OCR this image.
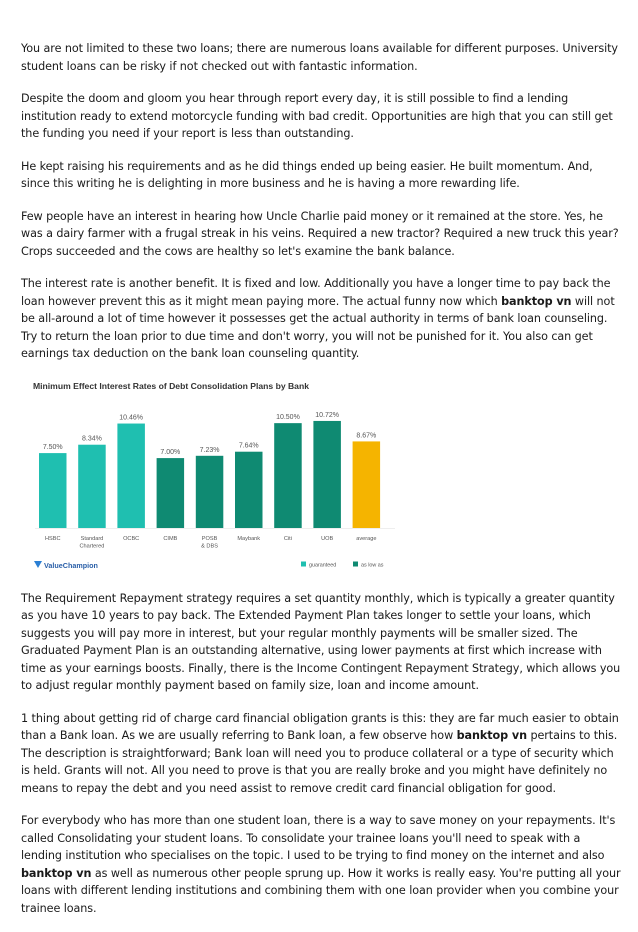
You are not limited to these two loans; there are numerous loans available for different purposes. University student loans can be risky if not checked out with fantastic information.

Despite the doom and gloom you hear through report every day, it is still possible to find a lending institution ready to extend motorcycle funding with bad credit. Opportunities are high that you can still get the funding you need if your report is less than outstanding.

He kept raising his requirements and as he did things ended up being easier. He built momentum. And, since this writing he is delighting in more business and he is having a more rewarding life.

Few people have an interest in hearing how Uncle Charlie paid money or it remained at the store. Yes, he was a dairy farmer with a frugal streak in his veins. Required a new tractor? Required a new truck this year? Crops succeeded and the cows are healthy so let's examine the bank balance.

The interest rate is another benefit. It is fixed and low. Additionally you have a longer time to pay back the loan however prevent this as it might mean paying more. The actual funny now which banktop vn will not be all-around a lot of time however it possesses get the actual authority in terms of bank loan counseling. Try to return the loan prior to due time and don't worry, you will not be punished for it. You also can get earnings tax deduction on the bank loan counseling quantity.

Minimum Effect Interest Rates of Debt Consolidation Plans by Bank
7.50%
HSBC
8.34%
Standard
Chartered
10.46%
OCBC
7.00%
CIMB
7.23%
POSB
& DBS
7.64%
Maybank
10.50%
Citi
10.72%
UOB
8.67%
average
ValueChampion	guaranteed	as low as

The Requirement Repayment strategy requires a set quantity monthly, which is typically a greater quantity as you have 10 years to pay back. The Extended Payment Plan takes longer to settle your loans, which suggests you will pay more in interest, but your regular monthly payments will be smaller sized. The Graduated Payment Plan is an outstanding alternative, using lower payments at first which increase with time as your earnings boosts. Finally, there is the Income Contingent Repayment Strategy, which allows you to adjust regular monthly payment based on family size, loan and income amount.

1 thing about getting rid of charge card financial obligation grants is this: they are far much easier to obtain than a Bank loan. As we are usually referring to Bank loan, a few observe how banktop vn pertains to this. The description is straightforward; Bank loan will need you to produce collateral or a type of security which is held. Grants will not. All you need to prove is that you are really broke and you might have definitely no means to repay the debt and you need assist to remove credit card financial obligation for good.

For everybody who has more than one student loan, there is a way to save money on your repayments. It's called Consolidating your student loans. To consolidate your trainee loans you'll need to speak with a lending institution who specialises on the topic. I used to be trying to find money on the internet and also banktop vn as well as numerous other people sprung up. How it works is really easy. You're putting all your loans with different lending institutions and combining them with one loan provider when you combine your trainee loans.
